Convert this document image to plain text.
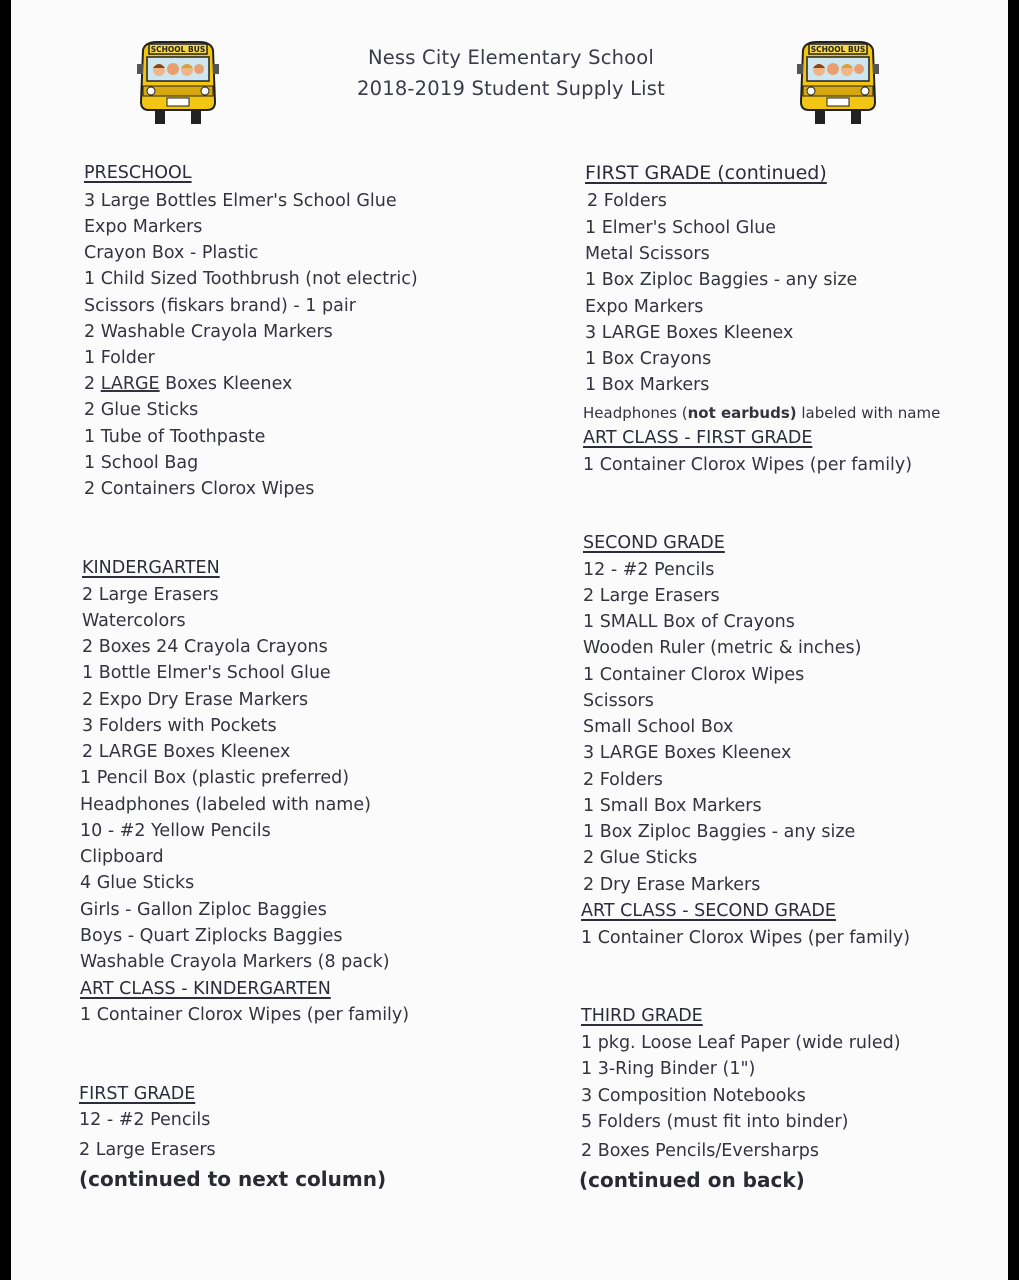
SCHOOL BUS	SCHOOL BUS
Ness City Elementary School
2018-2019 Student Supply List
PRESCHOOL
3 Large Bottles Elmer's School Glue
Expo Markers
Crayon Box - Plastic
1 Child Sized Toothbrush (not electric)
Scissors (fiskars brand) - 1 pair
2 Washable Crayola Markers
1 Folder
2 LARGE Boxes Kleenex
2 Glue Sticks
1 Tube of Toothpaste
1 School Bag
2 Containers Clorox Wipes
KINDERGARTEN
2 Large Erasers
Watercolors
2 Boxes 24 Crayola Crayons
1 Bottle Elmer's School Glue
2 Expo Dry Erase Markers
3 Folders with Pockets
2 LARGE Boxes Kleenex
1 Pencil Box (plastic preferred)
Headphones (labeled with name)
10 - #2 Yellow Pencils
Clipboard
4 Glue Sticks
Girls - Gallon Ziploc Baggies
Boys - Quart Ziplocks Baggies
Washable Crayola Markers (8 pack)
ART CLASS - KINDERGARTEN
1 Container Clorox Wipes (per family)
FIRST GRADE
12 - #2 Pencils
2 Large Erasers
(continued to next column)
FIRST GRADE (continued)
2 Folders
1 Elmer's School Glue
Metal Scissors
1 Box Ziploc Baggies - any size
Expo Markers
3 LARGE Boxes Kleenex
1 Box Crayons
1 Box Markers
Headphones (not earbuds) labeled with name
ART CLASS - FIRST GRADE
1 Container Clorox Wipes (per family)
SECOND GRADE
12 - #2 Pencils
2 Large Erasers
1 SMALL Box of Crayons
Wooden Ruler (metric & inches)
1 Container Clorox Wipes
Scissors
Small School Box
3 LARGE Boxes Kleenex
2 Folders
1 Small Box Markers
1 Box Ziploc Baggies - any size
2 Glue Sticks
2 Dry Erase Markers
ART CLASS - SECOND GRADE
1 Container Clorox Wipes (per family)
THIRD GRADE
1 pkg. Loose Leaf Paper (wide ruled)
1 3-Ring Binder (1")
3 Composition Notebooks
5 Folders (must fit into binder)
2 Boxes Pencils/Eversharps
(continued on back)
